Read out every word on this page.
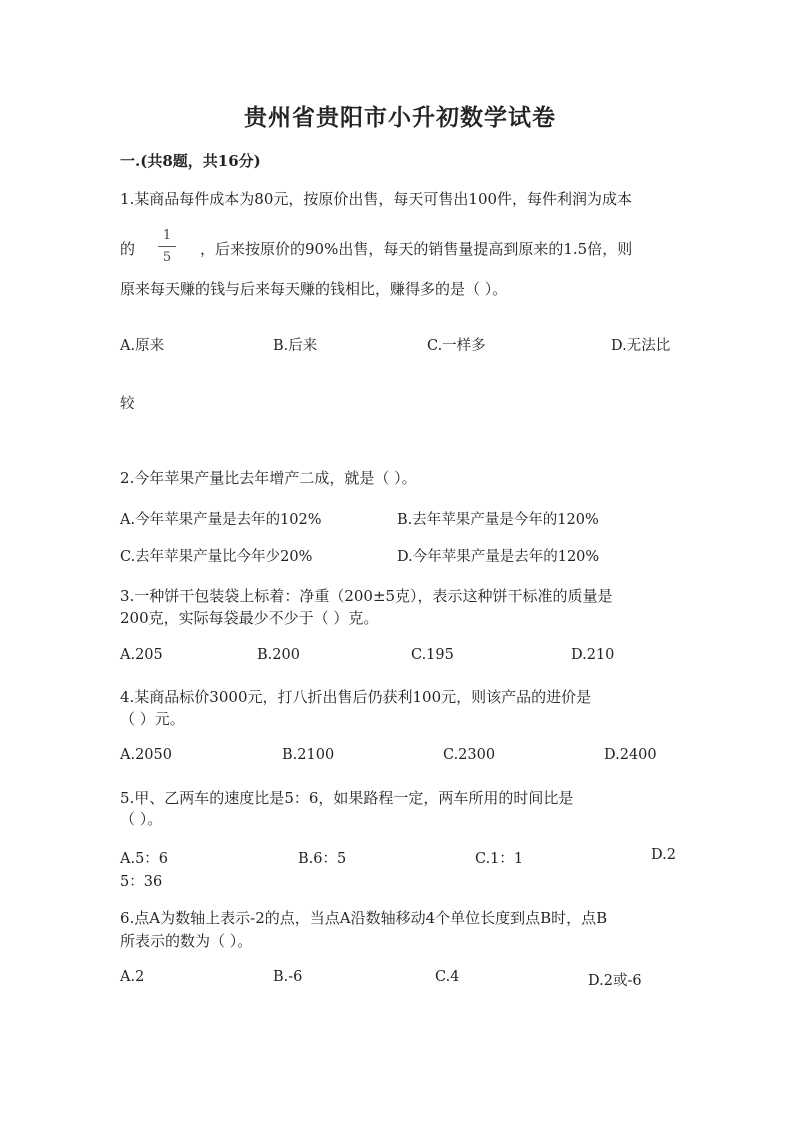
贵州省贵阳市小升初数学试卷
一.(共8题，共16分)
1.某商品每件成本为80元，按原价出售，每天可售出100件，每件利润为成本
的
1
5	，后来按原价的90%出售，每天的销售量提高到原来的1.5倍，则
原来每天赚的钱与后来每天赚的钱相比，赚得多的是（ ）。
A.原来	B.后来	C.一样多	D.无法比
较
2.今年苹果产量比去年增产二成，就是（ ）。
A.今年苹果产量是去年的102%	B.去年苹果产量是今年的120%
C.去年苹果产量比今年少20%	D.今年苹果产量是去年的120%
3.一种饼干包装袋上标着：净重（200±5克），表示这种饼干标准的质量是
200克，实际每袋最少不少于（ ）克。
A.205	B.200	C.195	D.210
4.某商品标价3000元，打八折出售后仍获利100元，则该产品的进价是
（ ）元。
A.2050	B.2100	C.2300	D.2400
5.甲、乙两车的速度比是5：6，如果路程一定，两车所用的时间比是
（ ）。
A.5：6	B.6：5	C.1：1	D.2
5：36
6.点A为数轴上表示-2的点，当点A沿数轴移动4个单位长度到点B时，点B
所表示的数为（ ）。
A.2	B.-6	C.4	D.2或-6
